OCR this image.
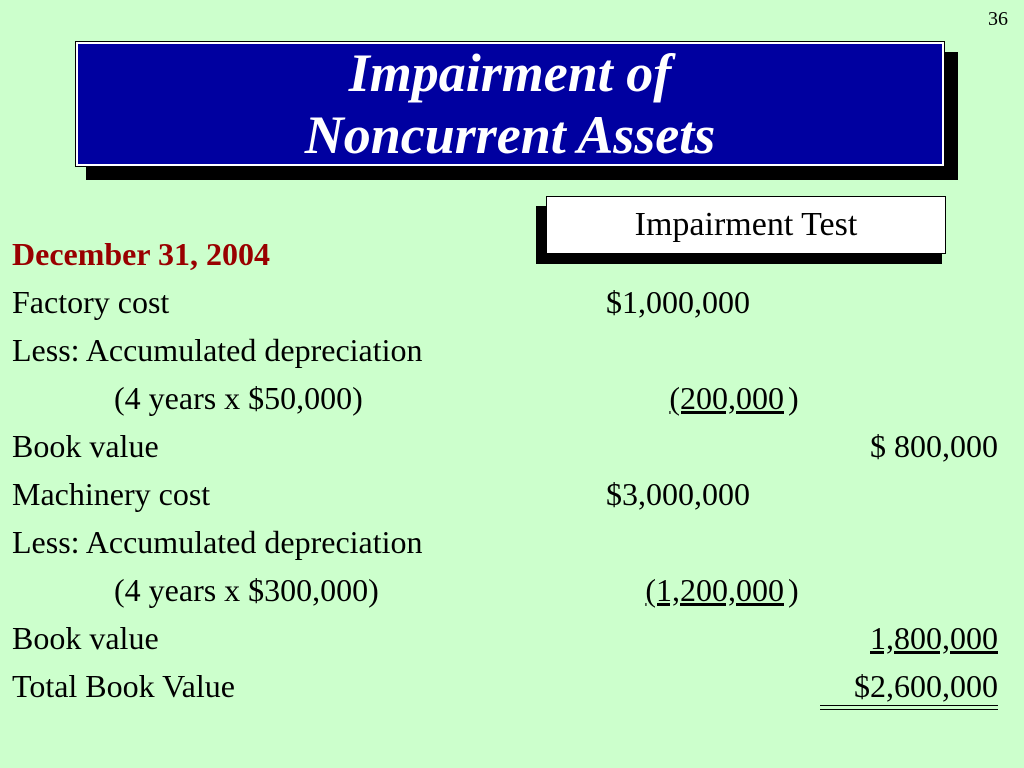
36
Impairment of
Noncurrent Assets
Impairment Test
December 31, 2004
Factory cost	$1,000,000
Less: Accumulated depreciation
(4 years x $50,000)	(200,000 )
Book value	$ 800,000
Machinery cost	$3,000,000
Less: Accumulated depreciation
(4 years x $300,000)	(1,200,000 )
Book value	1,800,000
Total Book Value	$2,600,000
